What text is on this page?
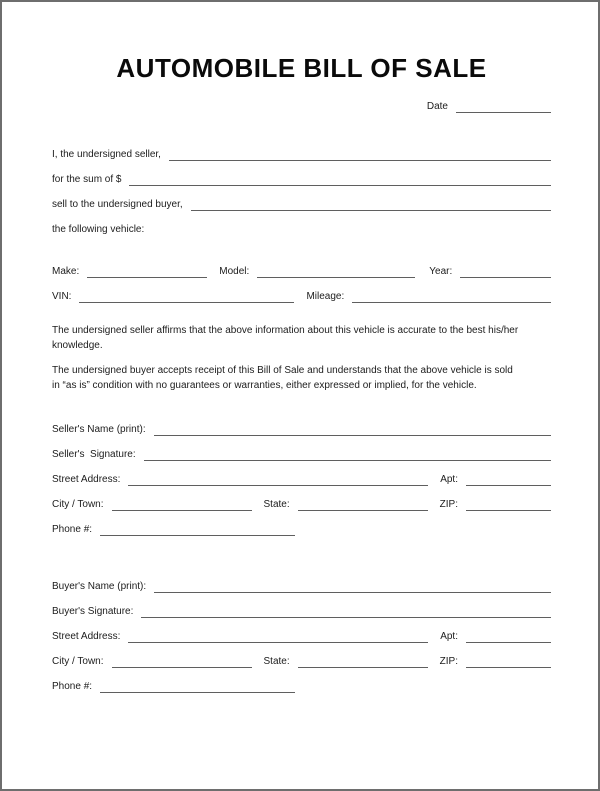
AUTOMOBILE BILL OF SALE
Date
I, the undersigned seller,
for the sum of $
sell to the undersigned buyer,
the following vehicle:
Make:	Model:	Year:
VIN:	Mileage:

The undersigned seller affirms that the above information about this vehicle is accurate to the best his/her
knowledge.

The undersigned buyer accepts receipt of this Bill of Sale and understands that the above vehicle is sold
in “as is” condition with no guarantees or warranties, either expressed or implied, for the vehicle.

Seller's Name (print):
Seller's  Signature:
Street Address:	Apt:
City / Town:	State:	ZIP:
Phone #:
Buyer's Name (print):
Buyer's Signature:
Street Address:	Apt:
City / Town:	State:	ZIP:
Phone #:
